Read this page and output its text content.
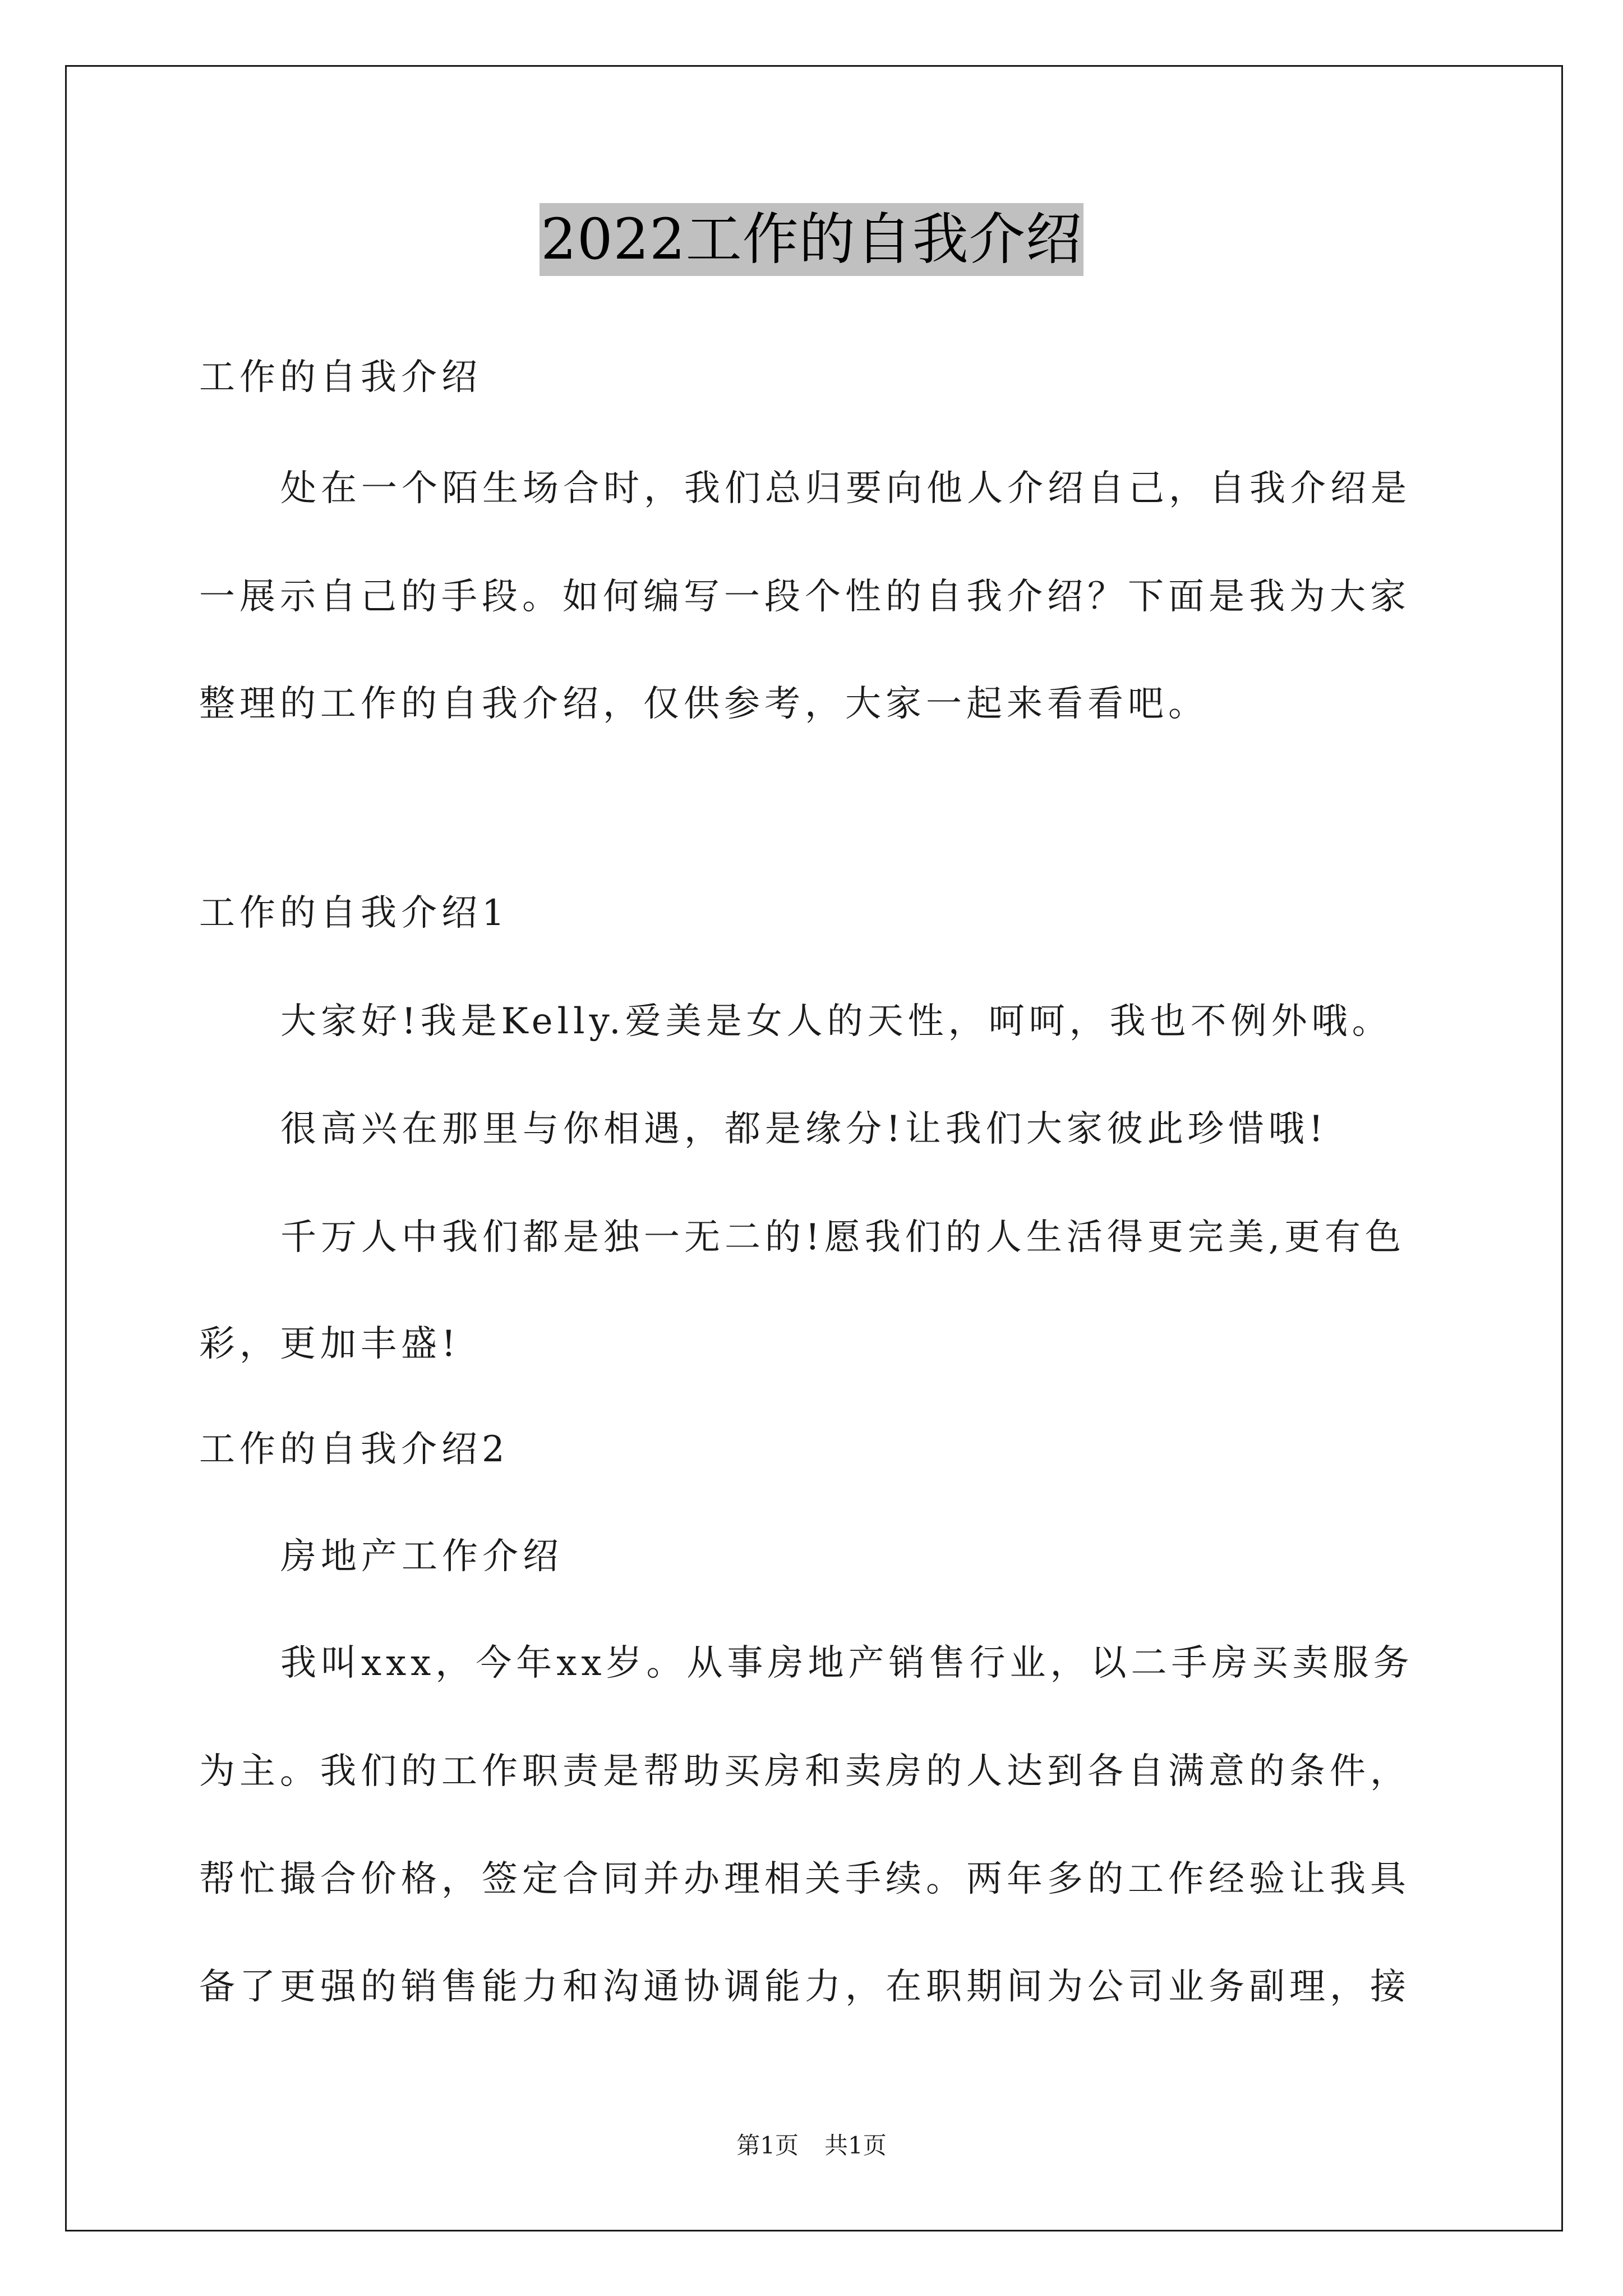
2022工作的自我介绍
工作的自我介绍
处在一个陌生场合时，我们总归要向他人介绍自己，自我介绍是
一展示自己的手段。如何编写一段个性的自我介绍？下面是我为大家
整理的工作的自我介绍，仅供参考，大家一起来看看吧。
工作的自我介绍1
大家好!我是Kelly.爱美是女人的天性，呵呵，我也不例外哦。
很高兴在那里与你相遇，都是缘分!让我们大家彼此珍惜哦!
千万人中我们都是独一无二的!愿我们的人生活得更完美,更有色
彩，更加丰盛!
工作的自我介绍2
房地产工作介绍
我叫xxx，今年xx岁。从事房地产销售行业，以二手房买卖服务
为主。我们的工作职责是帮助买房和卖房的人达到各自满意的条件，
帮忙撮合价格，签定合同并办理相关手续。两年多的工作经验让我具
备了更强的销售能力和沟通协调能力，在职期间为公司业务副理，接
第1页 共1页
